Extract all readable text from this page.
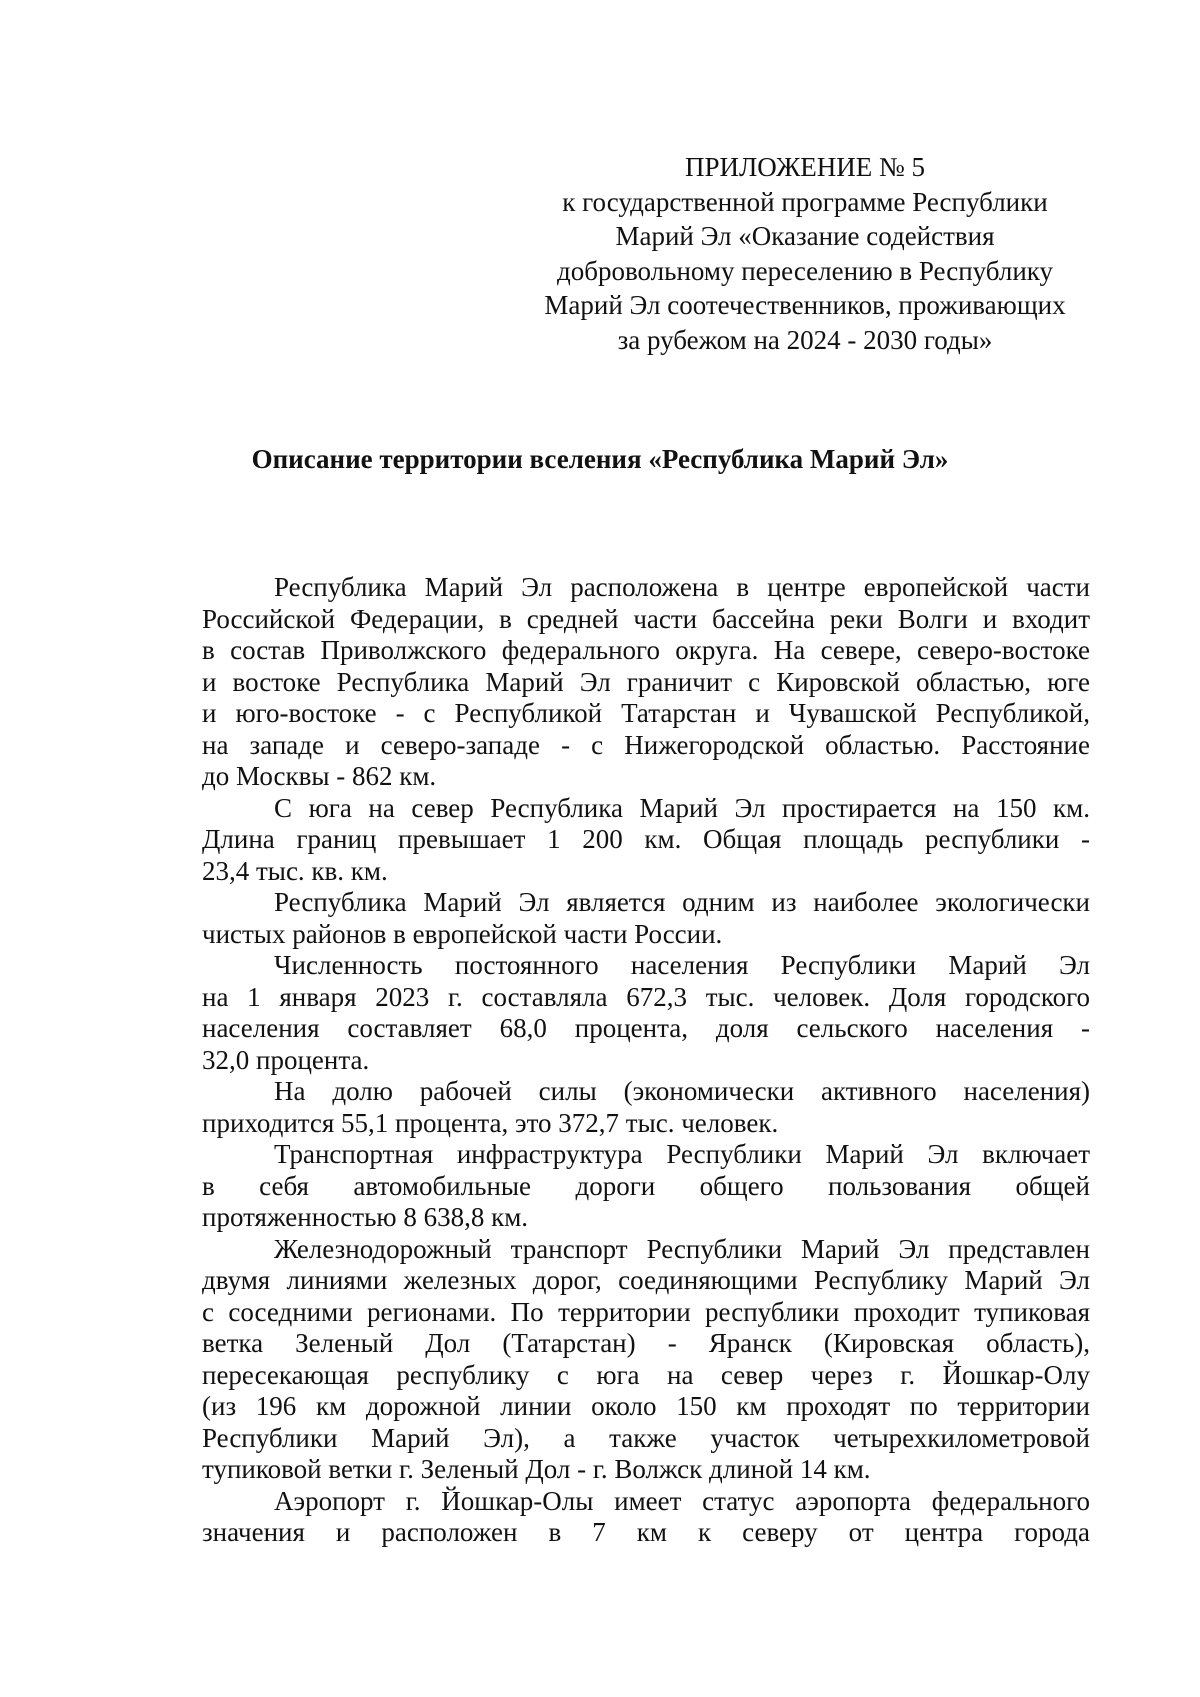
ПРИЛОЖЕНИЕ № 5
к государственной программе Республики
Марий Эл «Оказание содействия
добровольному переселению в Республику
Марий Эл соотечественников, проживающих
за рубежом на 2024 - 2030 годы»
Описание территории вселения «Республика Марий Эл»
Республика Марий Эл расположена в центре европейской части
Российской Федерации, в средней части бассейна реки Волги и входит
в состав Приволжского федерального округа. На севере, северо-востоке
и востоке Республика Марий Эл граничит с Кировской областью, юге
и юго-востоке - с Республикой Татарстан и Чувашской Республикой,
на западе и северо-западе - с Нижегородской областью. Расстояние
до Москвы - 862 км.
С юга на север Республика Марий Эл простирается на 150 км.
Длина границ превышает 1 200 км. Общая площадь республики -
23,4 тыс. кв. км.
Республика Марий Эл является одним из наиболее экологически
чистых районов в европейской части России.
Численность постоянного населения Республики Марий Эл
на 1 января 2023 г. составляла 672,3 тыс. человек. Доля городского
населения составляет 68,0 процента, доля сельского населения -
32,0 процента.
На долю рабочей силы (экономически активного населения)
приходится 55,1 процента, это 372,7 тыс. человек.
Транспортная инфраструктура Республики Марий Эл включает
в себя автомобильные дороги общего пользования общей
протяженностью 8 638,8 км.
Железнодорожный транспорт Республики Марий Эл представлен
двумя линиями железных дорог, соединяющими Республику Марий Эл
с соседними регионами. По территории республики проходит тупиковая
ветка Зеленый Дол (Татарстан) - Яранск (Кировская область),
пересекающая республику с юга на север через г. Йошкар-Олу
(из 196 км дорожной линии около 150 км проходят по территории
Республики Марий Эл), а также участок четырехкилометровой
тупиковой ветки г. Зеленый Дол - г. Волжск длиной 14 км.
Аэропорт г. Йошкар-Олы имеет статус аэропорта федерального
значения и расположен в 7 км к северу от центра города
